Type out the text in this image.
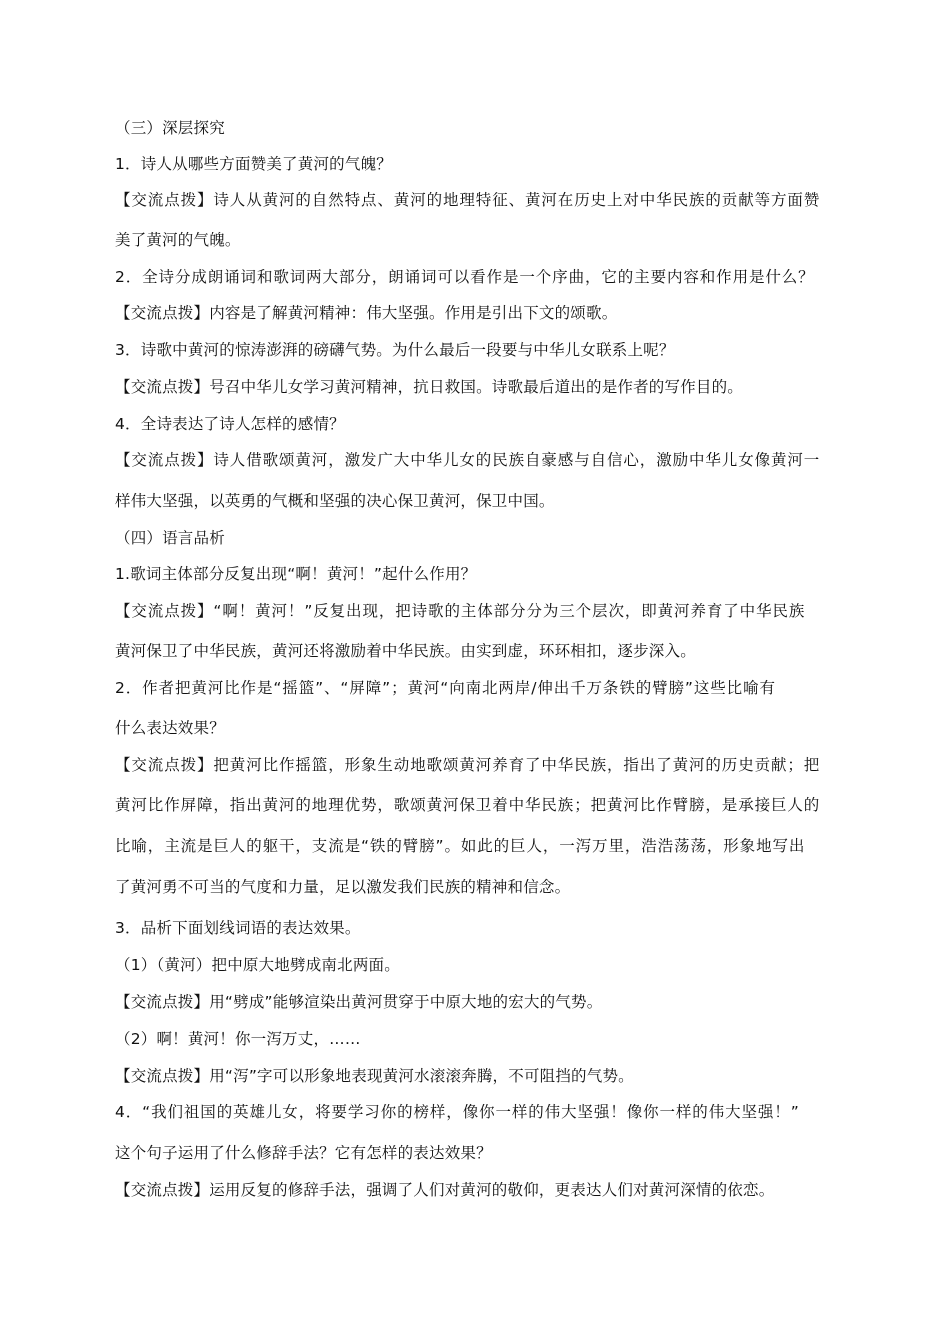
（三）深层探究
1．诗人从哪些方面赞美了黄河的气魄？
【交流点拨】诗人从黄河的自然特点、黄河的地理特征、黄河在历史上对中华民族的贡献等方面赞
美了黄河的气魄。
2．全诗分成朗诵词和歌词两大部分，朗诵词可以看作是一个序曲，它的主要内容和作用是什么？
【交流点拨】内容是了解黄河精神：伟大坚强。作用是引出下文的颂歌。
3．诗歌中黄河的惊涛澎湃的磅礴气势。为什么最后一段要与中华儿女联系上呢？
【交流点拨】号召中华儿女学习黄河精神，抗日救国。诗歌最后道出的是作者的写作目的。
4．全诗表达了诗人怎样的感情？
【交流点拨】诗人借歌颂黄河，激发广大中华儿女的民族自豪感与自信心，激励中华儿女像黄河一
样伟大坚强，以英勇的气概和坚强的决心保卫黄河，保卫中国。
（四）语言品析
1.歌词主体部分反复出现“啊！黄河！”起什么作用？
【交流点拨】“啊！黄河！”反复出现，把诗歌的主体部分分为三个层次，即黄河养育了中华民族
黄河保卫了中华民族，黄河还将激励着中华民族。由实到虚，环环相扣，逐步深入。
2．作者把黄河比作是“摇篮”、“屏障”；黄河“向南北两岸/伸出千万条铁的臂膀”这些比喻有
什么表达效果？
【交流点拨】把黄河比作摇篮，形象生动地歌颂黄河养育了中华民族，指出了黄河的历史贡献；把
黄河比作屏障，指出黄河的地理优势，歌颂黄河保卫着中华民族；把黄河比作臂膀，是承接巨人的
比喻，主流是巨人的躯干，支流是“铁的臂膀”。如此的巨人，一泻万里，浩浩荡荡，形象地写出
了黄河勇不可当的气度和力量，足以激发我们民族的精神和信念。
3．品析下面划线词语的表达效果。
（1）（黄河）把中原大地劈成南北两面。
【交流点拨】用“劈成”能够渲染出黄河贯穿于中原大地的宏大的气势。
（2）啊！黄河！你一泻万丈，……
【交流点拨】用“泻”字可以形象地表现黄河水滚滚奔腾，不可阻挡的气势。
4．“我们祖国的英雄儿女，将要学习你的榜样，像你一样的伟大坚强！像你一样的伟大坚强！”
这个句子运用了什么修辞手法？它有怎样的表达效果？
【交流点拨】运用反复的修辞手法，强调了人们对黄河的敬仰，更表达人们对黄河深情的依恋。
